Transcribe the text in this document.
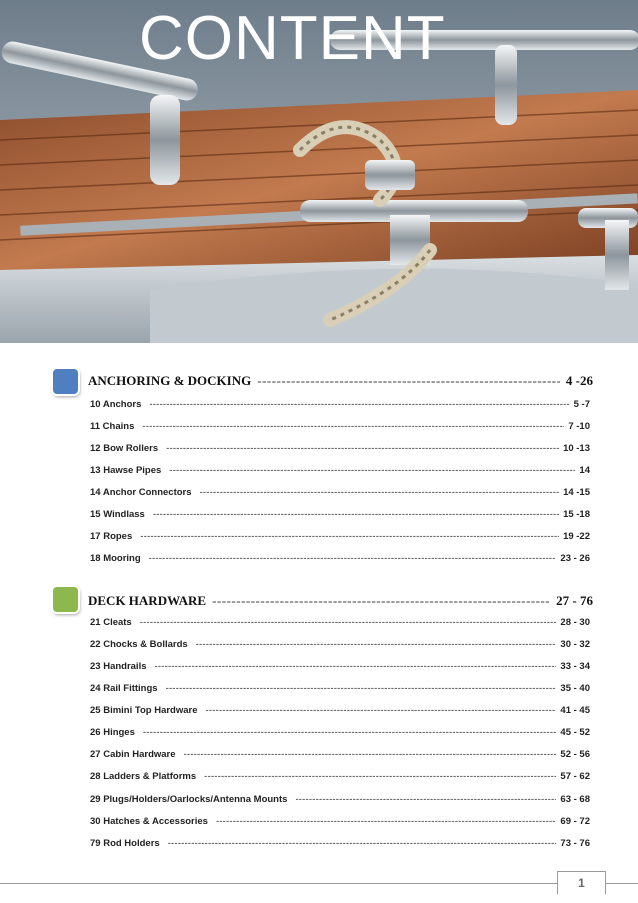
CONTENT
ANCHORING & DOCKING -----	4 -26
10 Anchors -----	5 -7
11 Chains -----	7 -10
12 Bow Rollers -----	10 -13
13 Hawse Pipes -----	14
14 Anchor Connectors -----	14 -15
15 Windlass -----	15 -18
17 Ropes -----	19 -22
18 Mooring -----	23 - 26
DECK HARDWARE -----	27 - 76
21 Cleats -----	28 - 30
22 Chocks & Bollards -----	30 - 32
23 Handrails -----	33 - 34
24 Rail Fittings -----	35 - 40
25 Bimini Top Hardware -----	41 - 45
26 Hinges -----	45 - 52
27 Cabin Hardware -----	52 - 56
28 Ladders & Platforms -----	57 - 62
29 Plugs/Holders/Oarlocks/Antenna Mounts -----	63 - 68
30 Hatches & Accessories -----	69 - 72
79 Rod Holders -----	73 - 76
1
